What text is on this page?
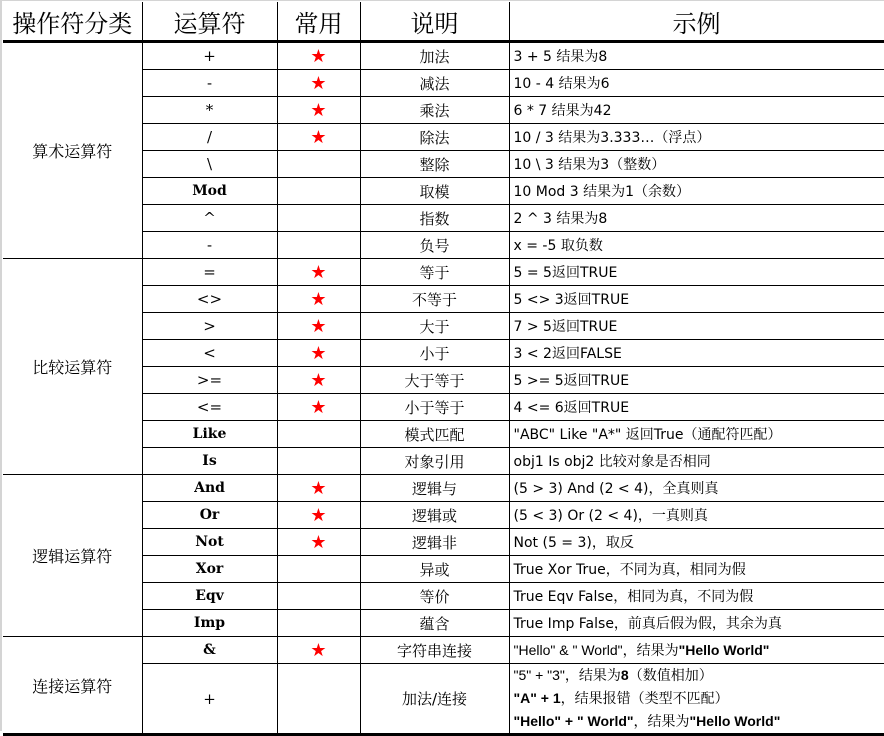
操作符分类	运算符	常用	说明	示例
算术运算符	+	★	加法	3 + 5 结果为8
	-	★	减法	10 - 4 结果为6
	*	★	乘法	6 * 7 结果为42
	/	★	除法	10 / 3 结果为3.333…（浮点）
	\		整除	10 \ 3 结果为3（整数）
	Mod		取模	10 Mod 3 结果为1（余数）
	^		指数	2 ^ 3 结果为8
	-		负号	x = -5 取负数
比较运算符	=	★	等于	5 = 5返回TRUE
	<>	★	不等于	5 <> 3返回TRUE
	>	★	大于	7 > 5返回TRUE
	<	★	小于	3 < 2返回FALSE
	>=	★	大于等于	5 >= 5返回TRUE
	<=	★	小于等于	4 <= 6返回TRUE
	Like		模式匹配	"ABC" Like "A*" 返回True（通配符匹配）
	Is		对象引用	obj1 Is obj2 比较对象是否相同
逻辑运算符	And	★	逻辑与	(5 > 3) And (2 < 4)，全真则真
	Or	★	逻辑或	(5 < 3) Or (2 < 4)，一真则真
	Not	★	逻辑非	Not (5 = 3)，取反
	Xor		异或	True Xor True，不同为真，相同为假
	Eqv		等价	True Eqv False，相同为真，不同为假
	Imp		蕴含	True Imp False，前真后假为假，其余为真
连接运算符	&	★	字符串连接	"Hello" & " World"，结果为"Hello World"
	+		加法/连接	"5" + "3"，结果为8（数值相加）
"A" + 1，结果报错（类型不匹配）
"Hello" + " World"，结果为"Hello World"
